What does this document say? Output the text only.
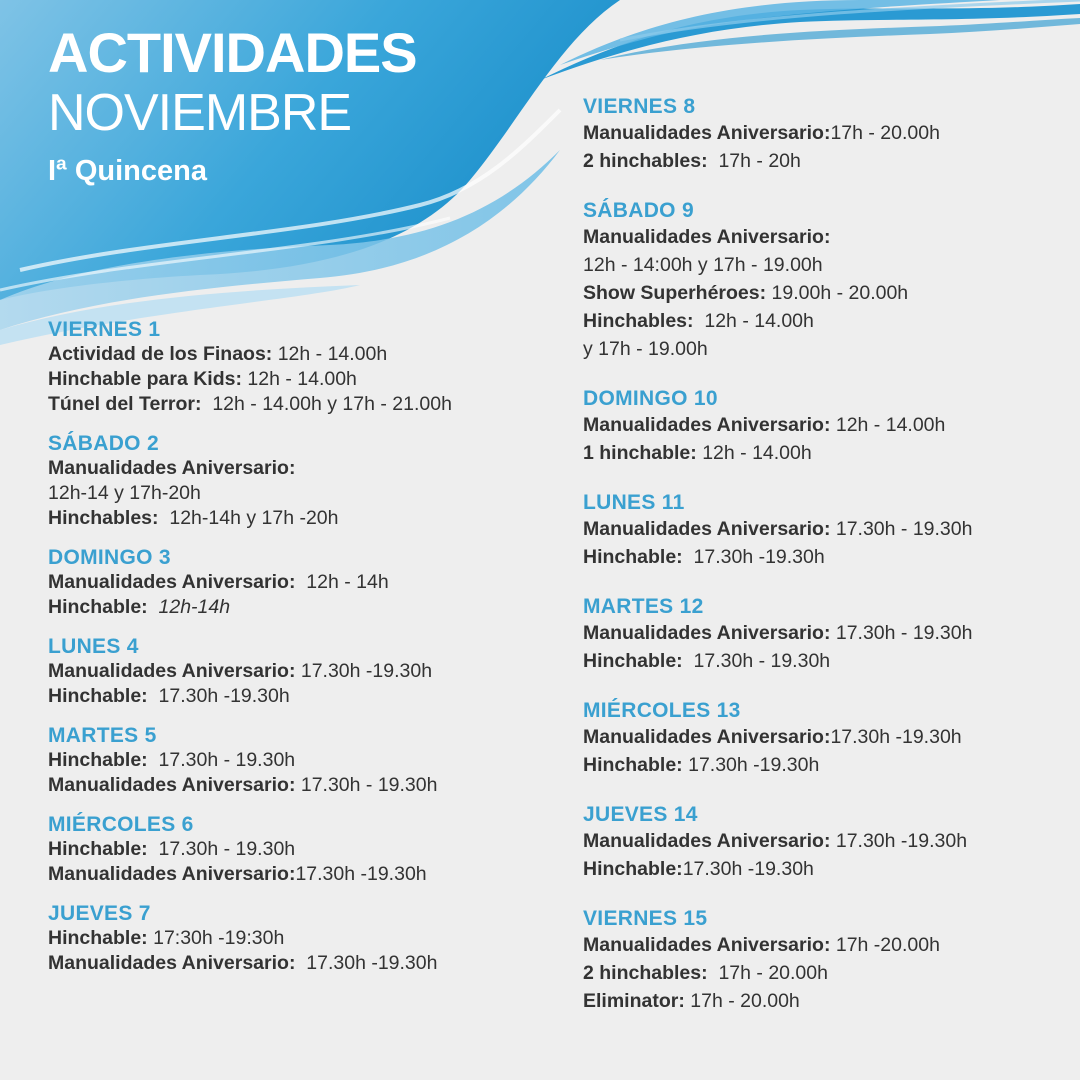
ACTIVIDADES
NOVIEMBRE
Iª Quincena
VIERNES 1
Actividad de los Finaos: 12h - 14.00h
Hinchable para Kids: 12h - 14.00h
Túnel del Terror:  12h - 14.00h y 17h - 21.00h
SÁBADO 2
Manualidades Aniversario:
12h-14 y 17h-20h
Hinchables:  12h-14h y 17h -20h
DOMINGO 3
Manualidades Aniversario:  12h - 14h
Hinchable:  12h-14h
LUNES 4
Manualidades Aniversario: 17.30h -19.30h
Hinchable:  17.30h -19.30h
MARTES 5
Hinchable:  17.30h - 19.30h
Manualidades Aniversario: 17.30h - 19.30h
MIÉRCOLES 6
Hinchable:  17.30h - 19.30h
Manualidades Aniversario:17.30h -19.30h
JUEVES 7
Hinchable: 17:30h -19:30h
Manualidades Aniversario:  17.30h -19.30h
VIERNES 8
Manualidades Aniversario:17h - 20.00h
2 hinchables:  17h - 20h
SÁBADO 9
Manualidades Aniversario:
12h - 14:00h y 17h - 19.00h
Show Superhéroes: 19.00h - 20.00h
Hinchables:  12h - 14.00h
y 17h - 19.00h
DOMINGO 10
Manualidades Aniversario: 12h - 14.00h
1 hinchable: 12h - 14.00h
LUNES 11
Manualidades Aniversario: 17.30h - 19.30h
Hinchable:  17.30h -19.30h
MARTES 12
Manualidades Aniversario: 17.30h - 19.30h
Hinchable:  17.30h - 19.30h
MIÉRCOLES 13
Manualidades Aniversario:17.30h -19.30h
Hinchable: 17.30h -19.30h
JUEVES 14
Manualidades Aniversario: 17.30h -19.30h
Hinchable:17.30h -19.30h
VIERNES 15
Manualidades Aniversario: 17h -20.00h
2 hinchables:  17h - 20.00h
Eliminator: 17h - 20.00h
